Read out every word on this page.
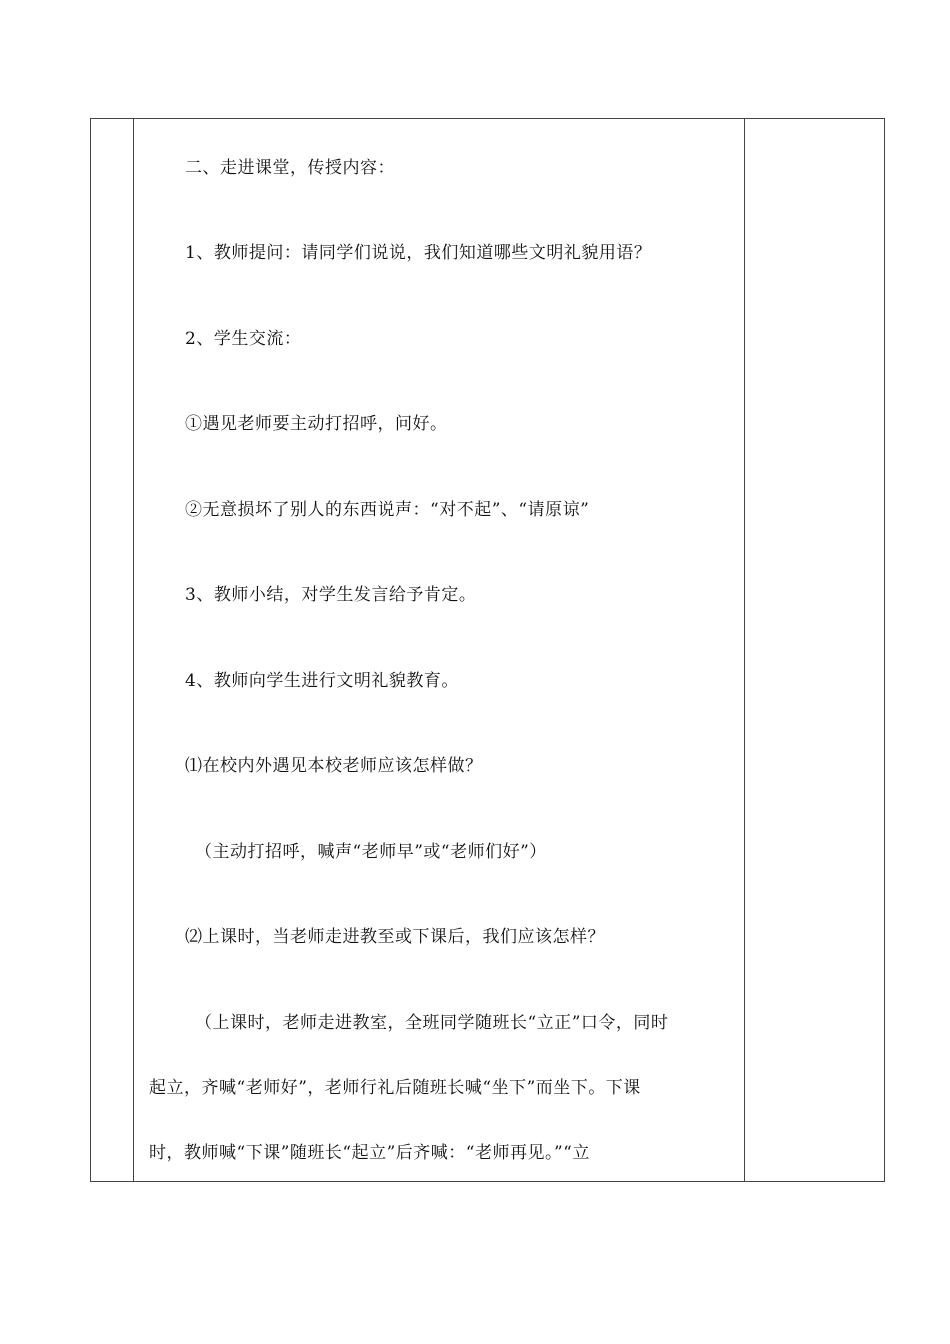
二、走进课堂，传授内容：
1、教师提问：请同学们说说，我们知道哪些文明礼貌用语？
2、学生交流：
①遇见老师要主动打招呼，问好。
②无意损坏了别人的东西说声：“对不起”、“请原谅”
3、教师小结，对学生发言给予肯定。
4、教师向学生进行文明礼貌教育。
⑴在校内外遇见本校老师应该怎样做？
（主动打招呼，喊声“老师早”或“老师们好”）
⑵上课时，当老师走进教至或下课后，我们应该怎样？
（上课时，老师走进教室，全班同学随班长“立正”口令，同时
起立，齐喊“老师好”，老师行礼后随班长喊“坐下”而坐下。下课
时，教师喊“下课”随班长“起立”后齐喊：“老师再见。”“立
